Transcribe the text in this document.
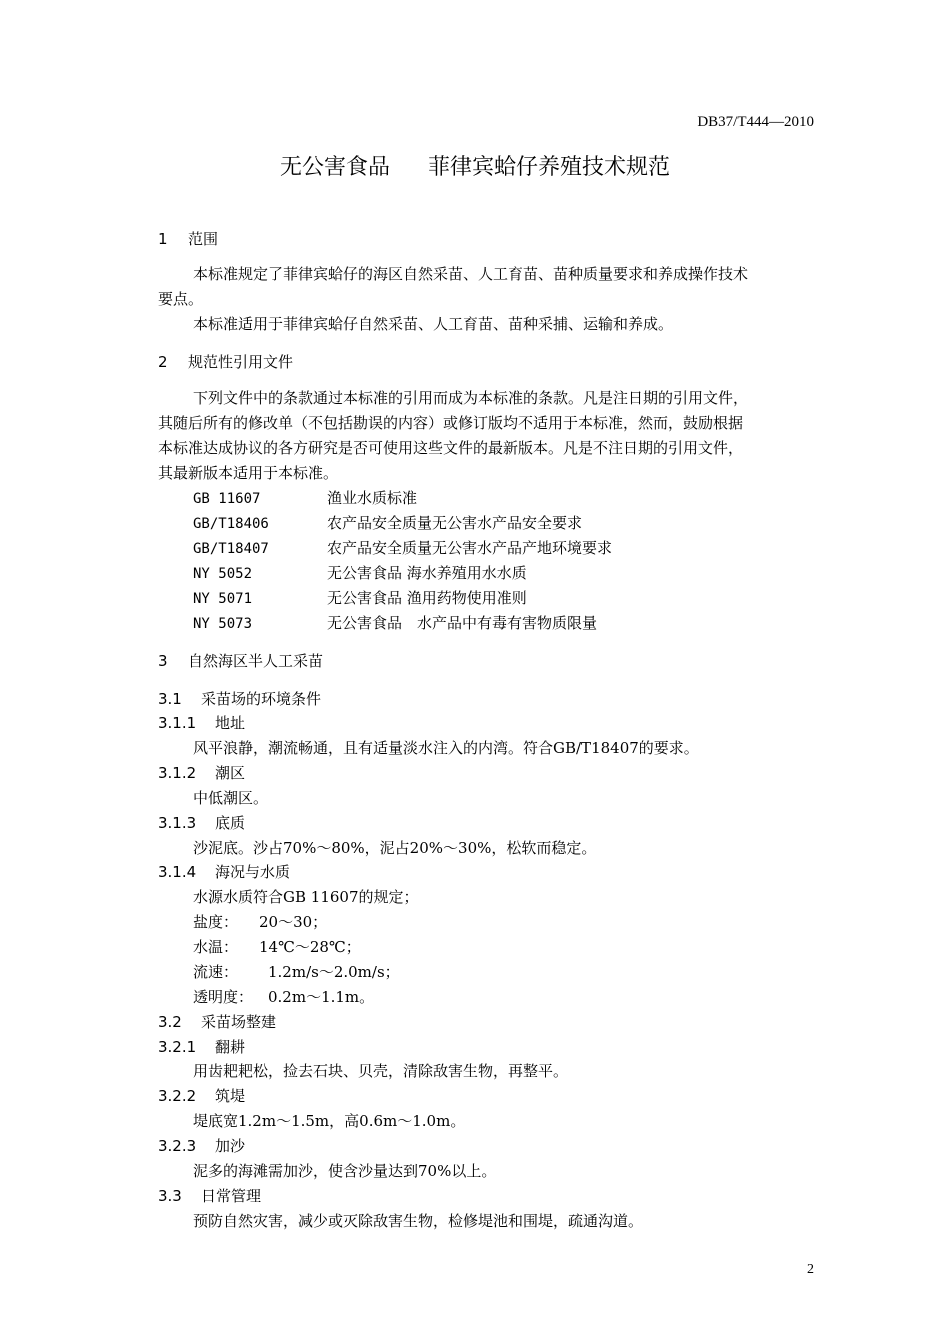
DB37/T444—2010
无公害食品 菲律宾蛤仔养殖技术规范
1 范围
本标准规定了菲律宾蛤仔的海区自然采苗、人工育苗、苗种质量要求和养成操作技术
要点。
本标准适用于菲律宾蛤仔自然采苗、人工育苗、苗种采捕、运输和养成。
2 规范性引用文件
下列文件中的条款通过本标准的引用而成为本标准的条款。凡是注日期的引用文件，
其随后所有的修改单（不包括勘误的内容）或修订版均不适用于本标准，然而，鼓励根据
本标准达成协议的各方研究是否可使用这些文件的最新版本。凡是不注日期的引用文件，
其最新版本适用于本标准。
GB 11607	渔业水质标准
GB/T18406	农产品安全质量无公害水产品安全要求
GB/T18407	农产品安全质量无公害水产品产地环境要求
NY 5052	无公害食品 海水养殖用水水质
NY 5071	无公害食品 渔用药物使用准则
NY 5073	无公害食品　水产品中有毒有害物质限量
3 自然海区半人工采苗
3.1 采苗场的环境条件
3.1.1 地址
风平浪静，潮流畅通，且有适量淡水注入的内湾。符合GB/T18407的要求。
3.1.2 潮区
中低潮区。
3.1.3 底质
沙泥底。沙占70%～80%，泥占20%～30%，松软而稳定。
3.1.4 海况与水质
水源水质符合GB 11607的规定；
盐度： 20～30；
水温： 14℃～28℃；
流速： 1.2m/s～2.0m/s；
透明度： 0.2m～1.1m。
3.2 采苗场整建
3.2.1 翻耕
用齿耙耙松，捡去石块、贝壳，清除敌害生物，再整平。
3.2.2 筑堤
堤底宽1.2m～1.5m，高0.6m～1.0m。
3.2.3 加沙
泥多的海滩需加沙，使含沙量达到70%以上。
3.3 日常管理
预防自然灾害，减少或灭除敌害生物，检修堤池和围堤，疏通沟道。
2
